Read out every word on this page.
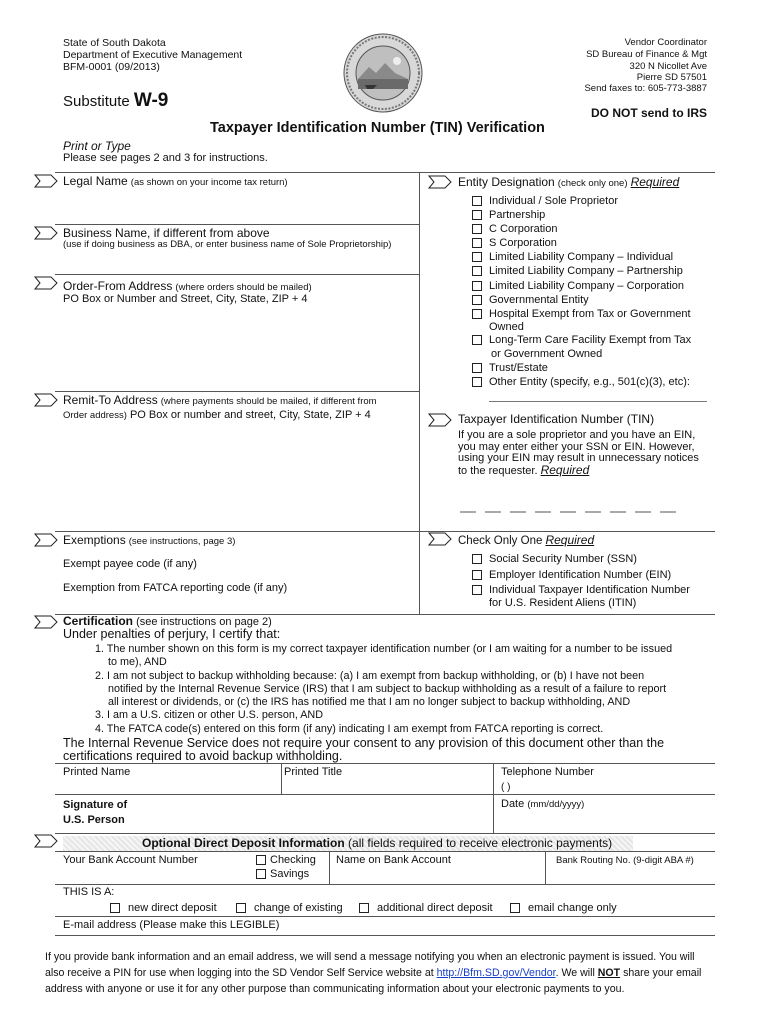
State of South Dakota
Department of Executive Management
BFM-0001 (09/2013)
Vendor Coordinator
SD Bureau of Finance & Mgt
320 N Nicollet Ave
Pierre SD 57501
Send faxes to: 605-773-3887
Substitute W-9
DO NOT send to IRS
Taxpayer Identification Number (TIN) Verification
Print or Type
Please see pages 2 and 3 for instructions.
Legal Name (as shown on your income tax return)
Business Name, if different from above
(use if doing business as DBA, or enter business name of Sole Proprietorship)
Order-From Address (where orders should be mailed)
PO Box or Number and Street, City, State, ZIP + 4
Remit-To Address (where payments should be mailed, if different from
Order address) PO Box or number and street, City, State, ZIP + 4
Exemptions (see instructions, page 3)
Exempt payee code (if any)
Exemption from FATCA reporting code (if any)
Entity Designation (check only one) Required
Individual / Sole Proprietor
Partnership
C Corporation
S Corporation
Limited Liability Company – Individual
Limited Liability Company – Partnership
Limited Liability Company – Corporation
Governmental Entity
Hospital Exempt from Tax or Government
Owned
Long-Term Care Facility Exempt from Tax
or Government Owned
Trust/Estate
Other Entity (specify, e.g., 501(c)(3), etc):
Taxpayer Identification Number (TIN)
If you are a sole proprietor and you have an EIN,
you may enter either your SSN or EIN. However,
using your EIN may result in unnecessary notices
to the requester. Required
Check Only One Required
Social Security Number (SSN)
Employer Identification Number (EIN)
Individual Taxpayer Identification Number
for U.S. Resident Aliens (ITIN)
Certification (see instructions on page 2)
Under penalties of perjury, I certify that:
1. The number shown on this form is my correct taxpayer identification number (or I am waiting for a number to be issued
to me), AND
2. I am not subject to backup withholding because: (a) I am exempt from backup withholding, or (b) I have not been
notified by the Internal Revenue Service (IRS) that I am subject to backup withholding as a result of a failure to report
all interest or dividends, or (c) the IRS has notified me that I am no longer subject to backup withholding, AND
3. I am a U.S. citizen or other U.S. person, AND
4. The FATCA code(s) entered on this form (if any) indicating I am exempt from FATCA reporting is correct.
The Internal Revenue Service does not require your consent to any provision of this document other than the
certifications required to avoid backup withholding.
Printed Name	Printed Title	Telephone Number
( )
Signature of
U.S. Person
Date (mm/dd/yyyy)
Optional Direct Deposit Information (all fields required to receive electronic payments)
Your Bank Account Number	Checking
Savings
Name on Bank Account	Bank Routing No. (9-digit ABA #)
THIS IS A:
new direct deposit	change of existing	additional direct deposit	email change only
E-mail address (Please make this LEGIBLE)
If you provide bank information and an email address, we will send a message notifying you when an electronic payment is issued. You will
also receive a PIN for use when logging into the SD Vendor Self Service website at http://Bfm.SD.gov/Vendor. We will NOT share your email
address with anyone or use it for any other purpose than communicating information about your electronic payments to you.
